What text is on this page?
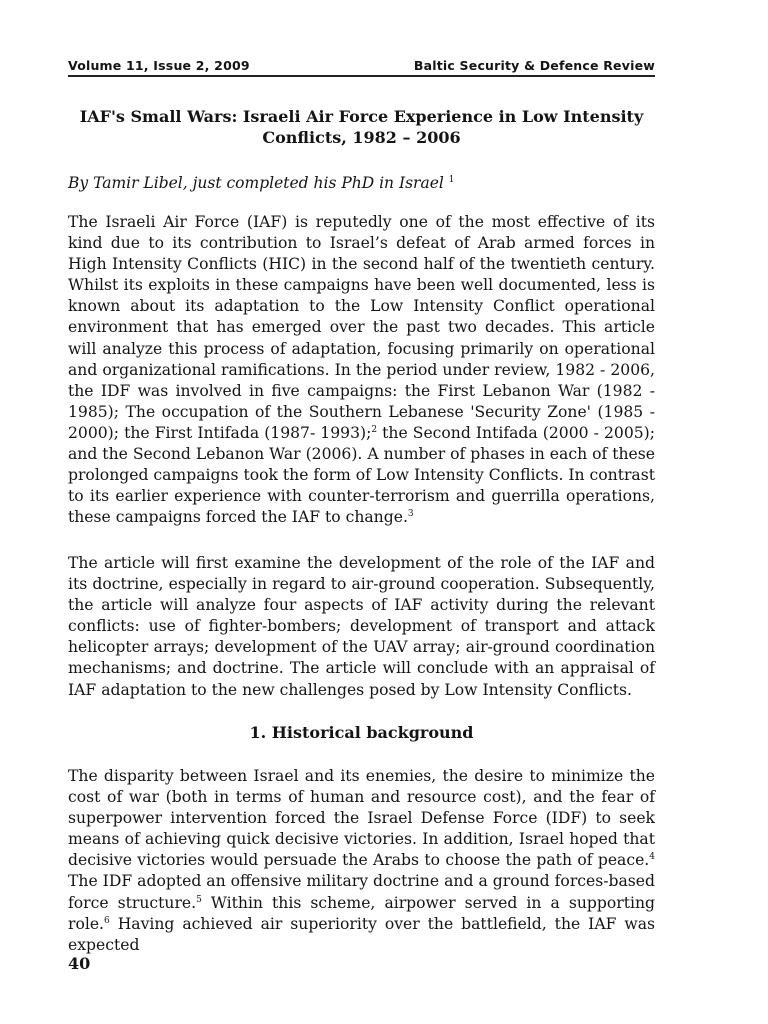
Volume 11, Issue 2, 2009	Baltic Security & Defence Review
IAF's Small Wars: Israeli Air Force Experience in Low Intensity Conflicts, 1982 – 2006
By Tamir Libel, just completed his PhD in Israel $^1$

The Israeli Air Force (IAF) is reputedly one of the most effective of its kind due to its contribution to Israel’s defeat of Arab armed forces in High Intensity Conflicts (HIC) in the second half of the twentieth century. Whilst its exploits in these campaigns have been well documented, less is known about its adaptation to the Low Intensity Conflict operational environment that has emerged over the past two decades. This article will analyze this process of adaptation, focusing primarily on operational and organizational ramifications. In the period under review, 1982 - 2006, the IDF was involved in five campaigns: the First Lebanon War (1982 - 1985); The occupation of the Southern Lebanese 'Security Zone' (1985 - 2000); the First Intifada (1987- 1993);$^2$ the Second Intifada (2000 - 2005); and the Second Lebanon War (2006). A number of phases in each of these prolonged campaigns took the form of Low Intensity Conflicts. In contrast to its earlier experience with counter-terrorism and guerrilla operations, these campaigns forced the IAF to change.$^3$

The article will first examine the development of the role of the IAF and its doctrine, especially in regard to air-ground cooperation. Subsequently, the article will analyze four aspects of IAF activity during the relevant conflicts: use of fighter-bombers; development of transport and attack helicopter arrays; development of the UAV array; air-ground coordination mechanisms; and doctrine. The article will conclude with an appraisal of IAF adaptation to the new challenges posed by Low Intensity Conflicts.

1. Historical background

The disparity between Israel and its enemies, the desire to minimize the cost of war (both in terms of human and resource cost), and the fear of superpower intervention forced the Israel Defense Force (IDF) to seek means of achieving quick decisive victories. In addition, Israel hoped that decisive victories would persuade the Arabs to choose the path of peace.$^4$ The IDF adopted an offensive military doctrine and a ground forces-based force structure.$^5$ Within this scheme, airpower served in a supporting role.$^6$ Having achieved air superiority over the battlefield, the IAF was expected

40
